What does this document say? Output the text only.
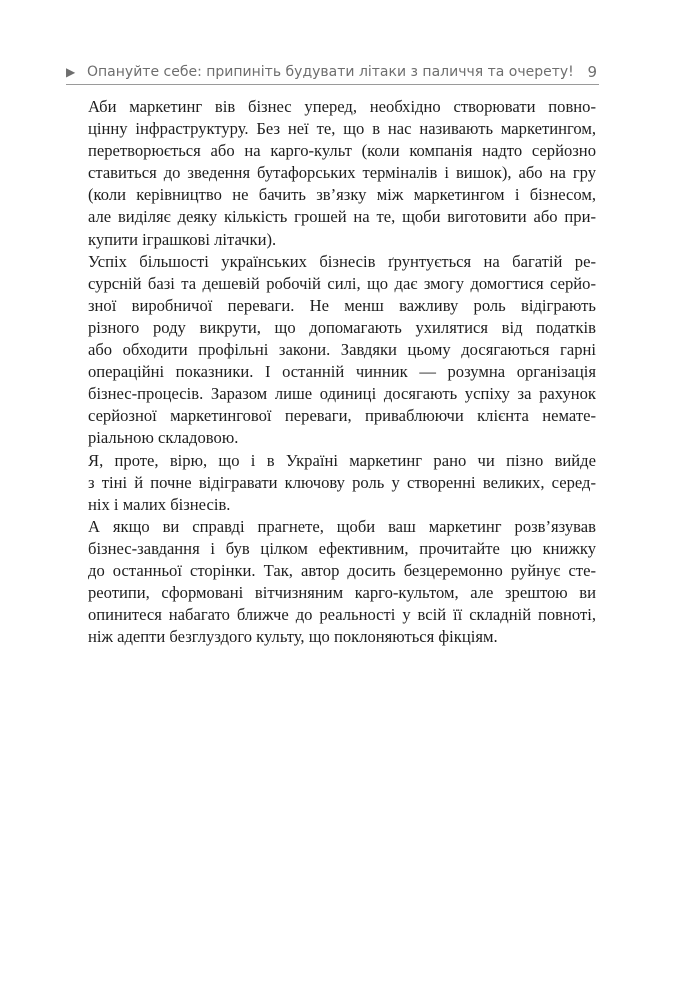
▶ Опануйте себе: припиніть будувати літаки з паличчя та очерету! 9

Аби маркетинг вів бізнес уперед, необхідно створювати повно-
цінну інфраструктуру. Без неї те, що в нас називають маркетингом,
перетворюється або на карго-культ (коли компанія надто серйозно
ставиться до зведення бутафорських терміналів і вишок), або на гру
(коли керівництво не бачить зв’язку між маркетингом і бізнесом,
але виділяє деяку кількість грошей на те, щоби виготовити або при-
купити іграшкові літачки).

Успіх більшості українських бізнесів ґрунтується на багатій ре-
сурсній базі та дешевій робочій силі, що дає змогу домогтися серйо-
зної виробничої переваги. Не менш важливу роль відіграють
різного роду викрути, що допомагають ухилятися від податків
або обходити профільні закони. Завдяки цьому досягаються гарні
операційні показники. І останній чинник — розумна організація
бізнес-процесів. Заразом лише одиниці досягають успіху за рахунок
серйозної маркетингової переваги, приваблюючи клієнта немате-
ріальною складовою.

Я, проте, вірю, що і в Україні маркетинг рано чи пізно вийде
з тіні й почне відігравати ключову роль у створенні великих, серед-
ніх і малих бізнесів.

А якщо ви справді прагнете, щоби ваш маркетинг розв’язував
бізнес-завдання і був цілком ефективним, прочитайте цю книжку
до останньої сторінки. Так, автор досить безцеремонно руйнує сте-
реотипи, сформовані вітчизняним карго-культом, але зрештою ви
опинитеся набагато ближче до реальності у всій її складній повноті,
ніж адепти безглуздого культу, що поклоняються фікціям.
